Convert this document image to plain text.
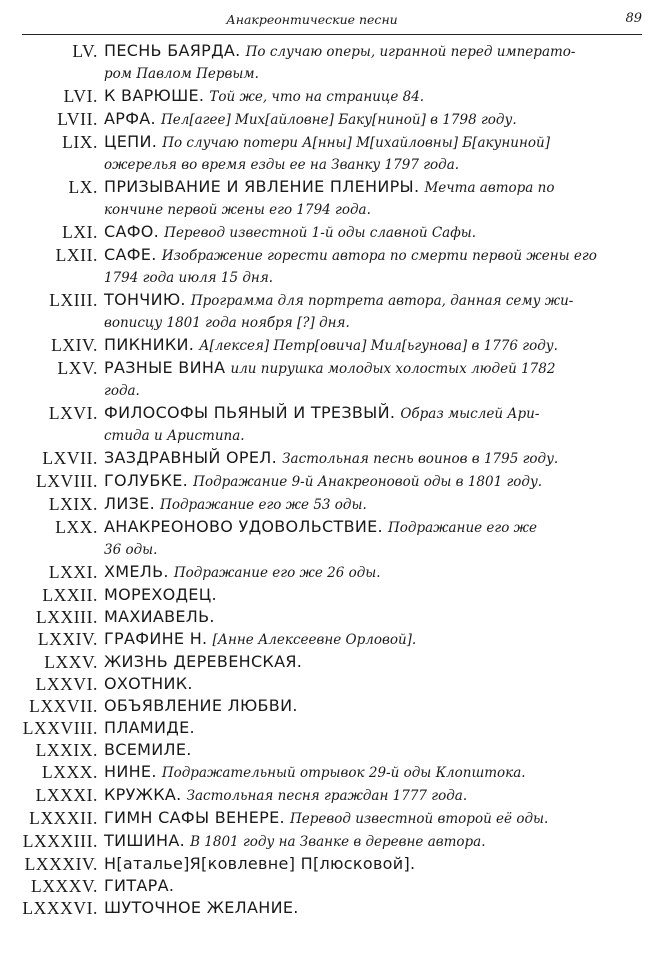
Анакреонтические песни	89
LV. ПЕСНЬ БАЯРДА. По случаю оперы, игранной перед императо-
ром Павлом Первым.
LVI. К ВАРЮШЕ. Той же, что на странице 84.
LVII. АРФА. Пел[агее] Мих[айловне] Баку[ниной] в 1798 году.
LIX. ЦЕПИ. По случаю потери А[нны] М[ихайловны] Б[акуниной]
ожерелья во время езды ее на Званку 1797 года.
LX. ПРИЗЫВАНИЕ И ЯВЛЕНИЕ ПЛЕНИРЫ. Мечта автора по
кончине первой жены его 1794 года.
LXI. САФО. Перевод известной 1-й оды славной Сафы.
LXII. САФЕ. Изображение горести автора по смерти первой жены его
1794 года июля 15 дня.
LXIII. ТОНЧИЮ. Программа для портрета автора, данная сему жи-
вописцу 1801 года ноября [?] дня.
LXIV. ПИКНИКИ. А[лексея] Петр[овича] Мил[ьгунова] в 1776 году.
LXV. РАЗНЫЕ ВИНА или пирушка молодых холостых людей 1782
года.
LXVI. ФИЛОСОФЫ ПЬЯНЫЙ И ТРЕЗВЫЙ. Образ мыслей Ари-
стида и Аристипа.
LXVII. ЗАЗДРАВНЫЙ ОРЕЛ. Застольная песнь воинов в 1795 году.
LXVIII. ГОЛУБКЕ. Подражание 9-й Анакреоновой оды в 1801 году.
LXIX. ЛИЗЕ. Подражание его же 53 оды.
LXX. АНАКРЕОНОВО УДОВОЛЬСТВИЕ. Подражание его же
36 оды.
LXXI. ХМЕЛЬ. Подражание его же 26 оды.
LXXII. МОРЕХОДЕЦ.
LXXIII. МАХИАВЕЛЬ.
LXXIV. ГРАФИНЕ Н. [Анне Алексеевне Орловой].
LXXV. ЖИЗНЬ ДЕРЕВЕНСКАЯ.
LXXVI. ОХОТНИК.
LXXVII. ОБЪЯВЛЕНИЕ ЛЮБВИ.
LXXVIII. ПЛАМИДЕ.
LXXIX. ВСЕМИЛЕ.
LXXX. НИНЕ. Подражательный отрывок 29-й оды Клопштока.
LXXXI. КРУЖКА. Застольная песня граждан 1777 года.
LXXXII. ГИМН САФЫ ВЕНЕРЕ. Перевод известной второй её оды.
LXXXIII. ТИШИНА. В 1801 году на Званке в деревне автора.
LXXXIV. Н[аталье]Я[ковлевне] П[люсковой].
LXXXV. ГИТАРА.
LXXXVI. ШУТОЧНОЕ ЖЕЛАНИЕ.
